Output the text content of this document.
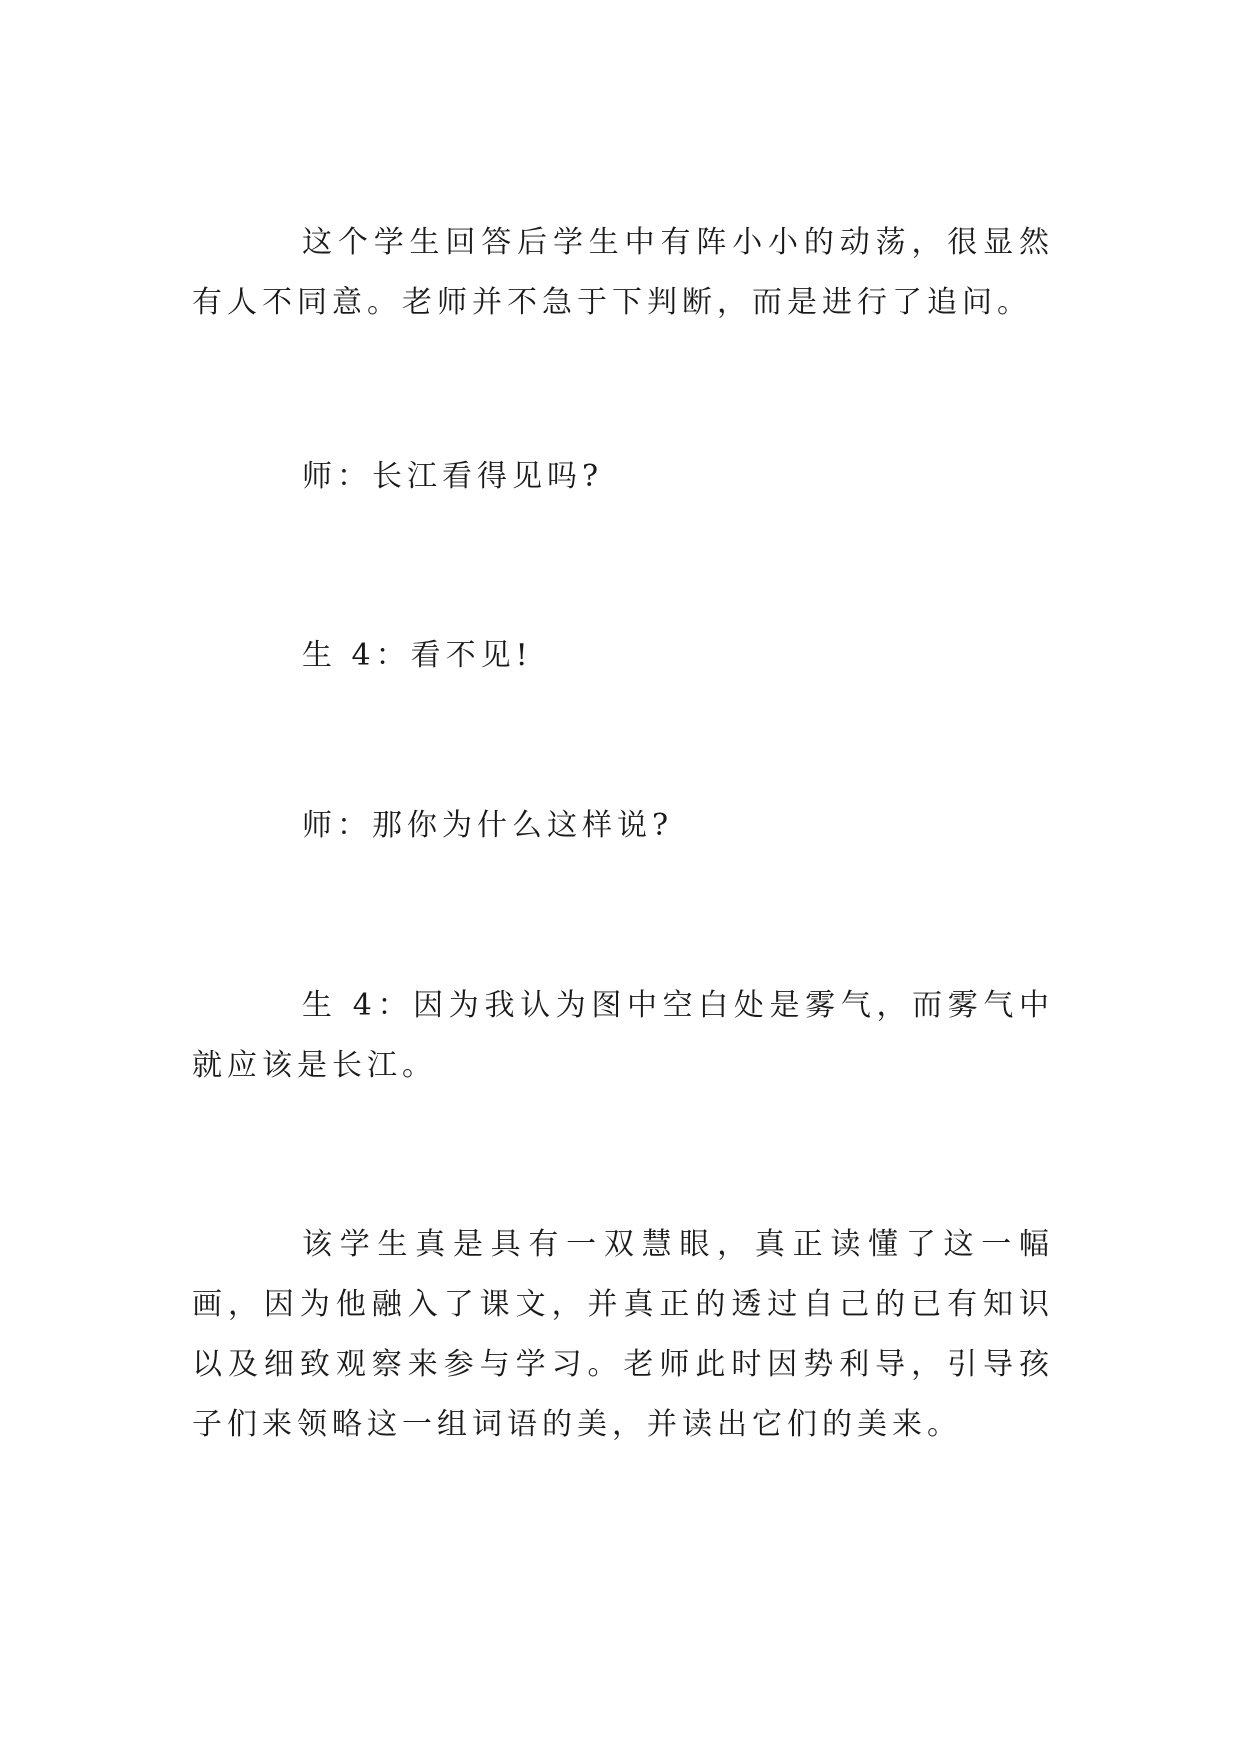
这个学生回答后学生中有阵小小的动荡，很显然有人不同意。老师并不急于下判断，而是进行了追问。

师：长江看得见吗?

生 4：看不见!

师：那你为什么这样说?

生 4：因为我认为图中空白处是雾气，而雾气中就应该是长江。

该学生真是具有一双慧眼，真正读懂了这一幅画，因为他融入了课文，并真正的透过自己的已有知识以及细致观察来参与学习。老师此时因势利导，引导孩子们来领略这一组词语的美，并读出它们的美来。
